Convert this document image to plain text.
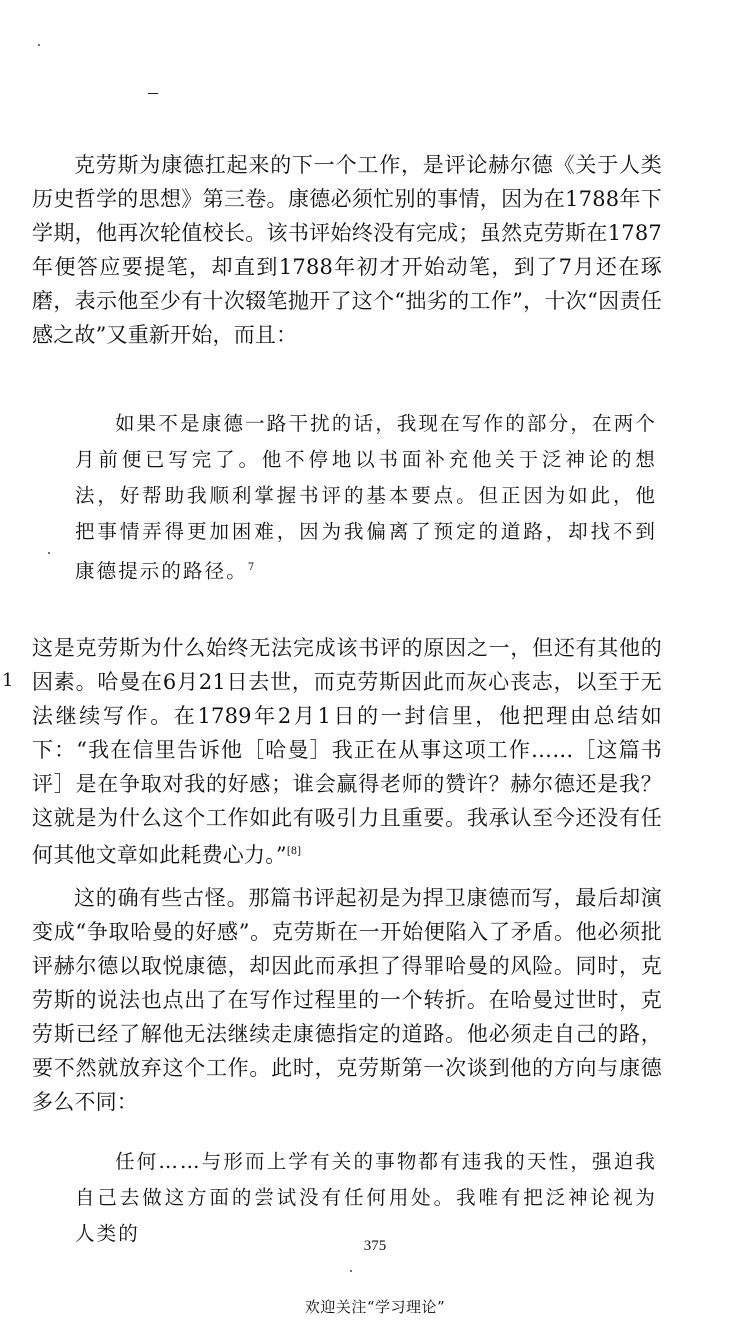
1

克劳斯为康德扛起来的下一个工作，是评论赫尔德《关于人类历史哲学的思想》第三卷。康德必须忙别的事情，因为在1788年下学期，他再次轮值校长。该书评始终没有完成；虽然克劳斯在1787年便答应要提笔，却直到1788年初才开始动笔，到了7月还在琢磨，表示他至少有十次辍笔抛开了这个“拙劣的工作”，十次“因责任感之故”又重新开始，而且：

如果不是康德一路干扰的话，我现在写作的部分，在两个月前便已写完了。他不停地以书面补充他关于泛神论的想法，好帮助我顺利掌握书评的基本要点。但正因为如此，他把事情弄得更加困难，因为我偏离了预定的道路，却找不到康德提示的路径。$^7$

这是克劳斯为什么始终无法完成该书评的原因之一，但还有其他的因素。哈曼在6月21日去世，而克劳斯因此而灰心丧志，以至于无法继续写作。在1789年2月1日的一封信里，他把理由总结如下：“我在信里告诉他［哈曼］我正在从事这项工作……［这篇书评］是在争取对我的好感；谁会赢得老师的赞许？赫尔德还是我？这就是为什么这个工作如此有吸引力且重要。我承认至今还没有任何其他文章如此耗费心力。”[8]

这的确有些古怪。那篇书评起初是为捍卫康德而写，最后却演变成“争取哈曼的好感”。克劳斯在一开始便陷入了矛盾。他必须批评赫尔德以取悦康德，却因此而承担了得罪哈曼的风险。同时，克劳斯的说法也点出了在写作过程里的一个转折。在哈曼过世时，克劳斯已经了解他无法继续走康德指定的道路。他必须走自己的路，要不然就放弃这个工作。此时，克劳斯第一次谈到他的方向与康德多么不同：

任何……与形而上学有关的事物都有违我的天性，强迫我自己去做这方面的尝试没有任何用处。我唯有把泛神论视为人类的

375
欢迎关注“学习理论”
